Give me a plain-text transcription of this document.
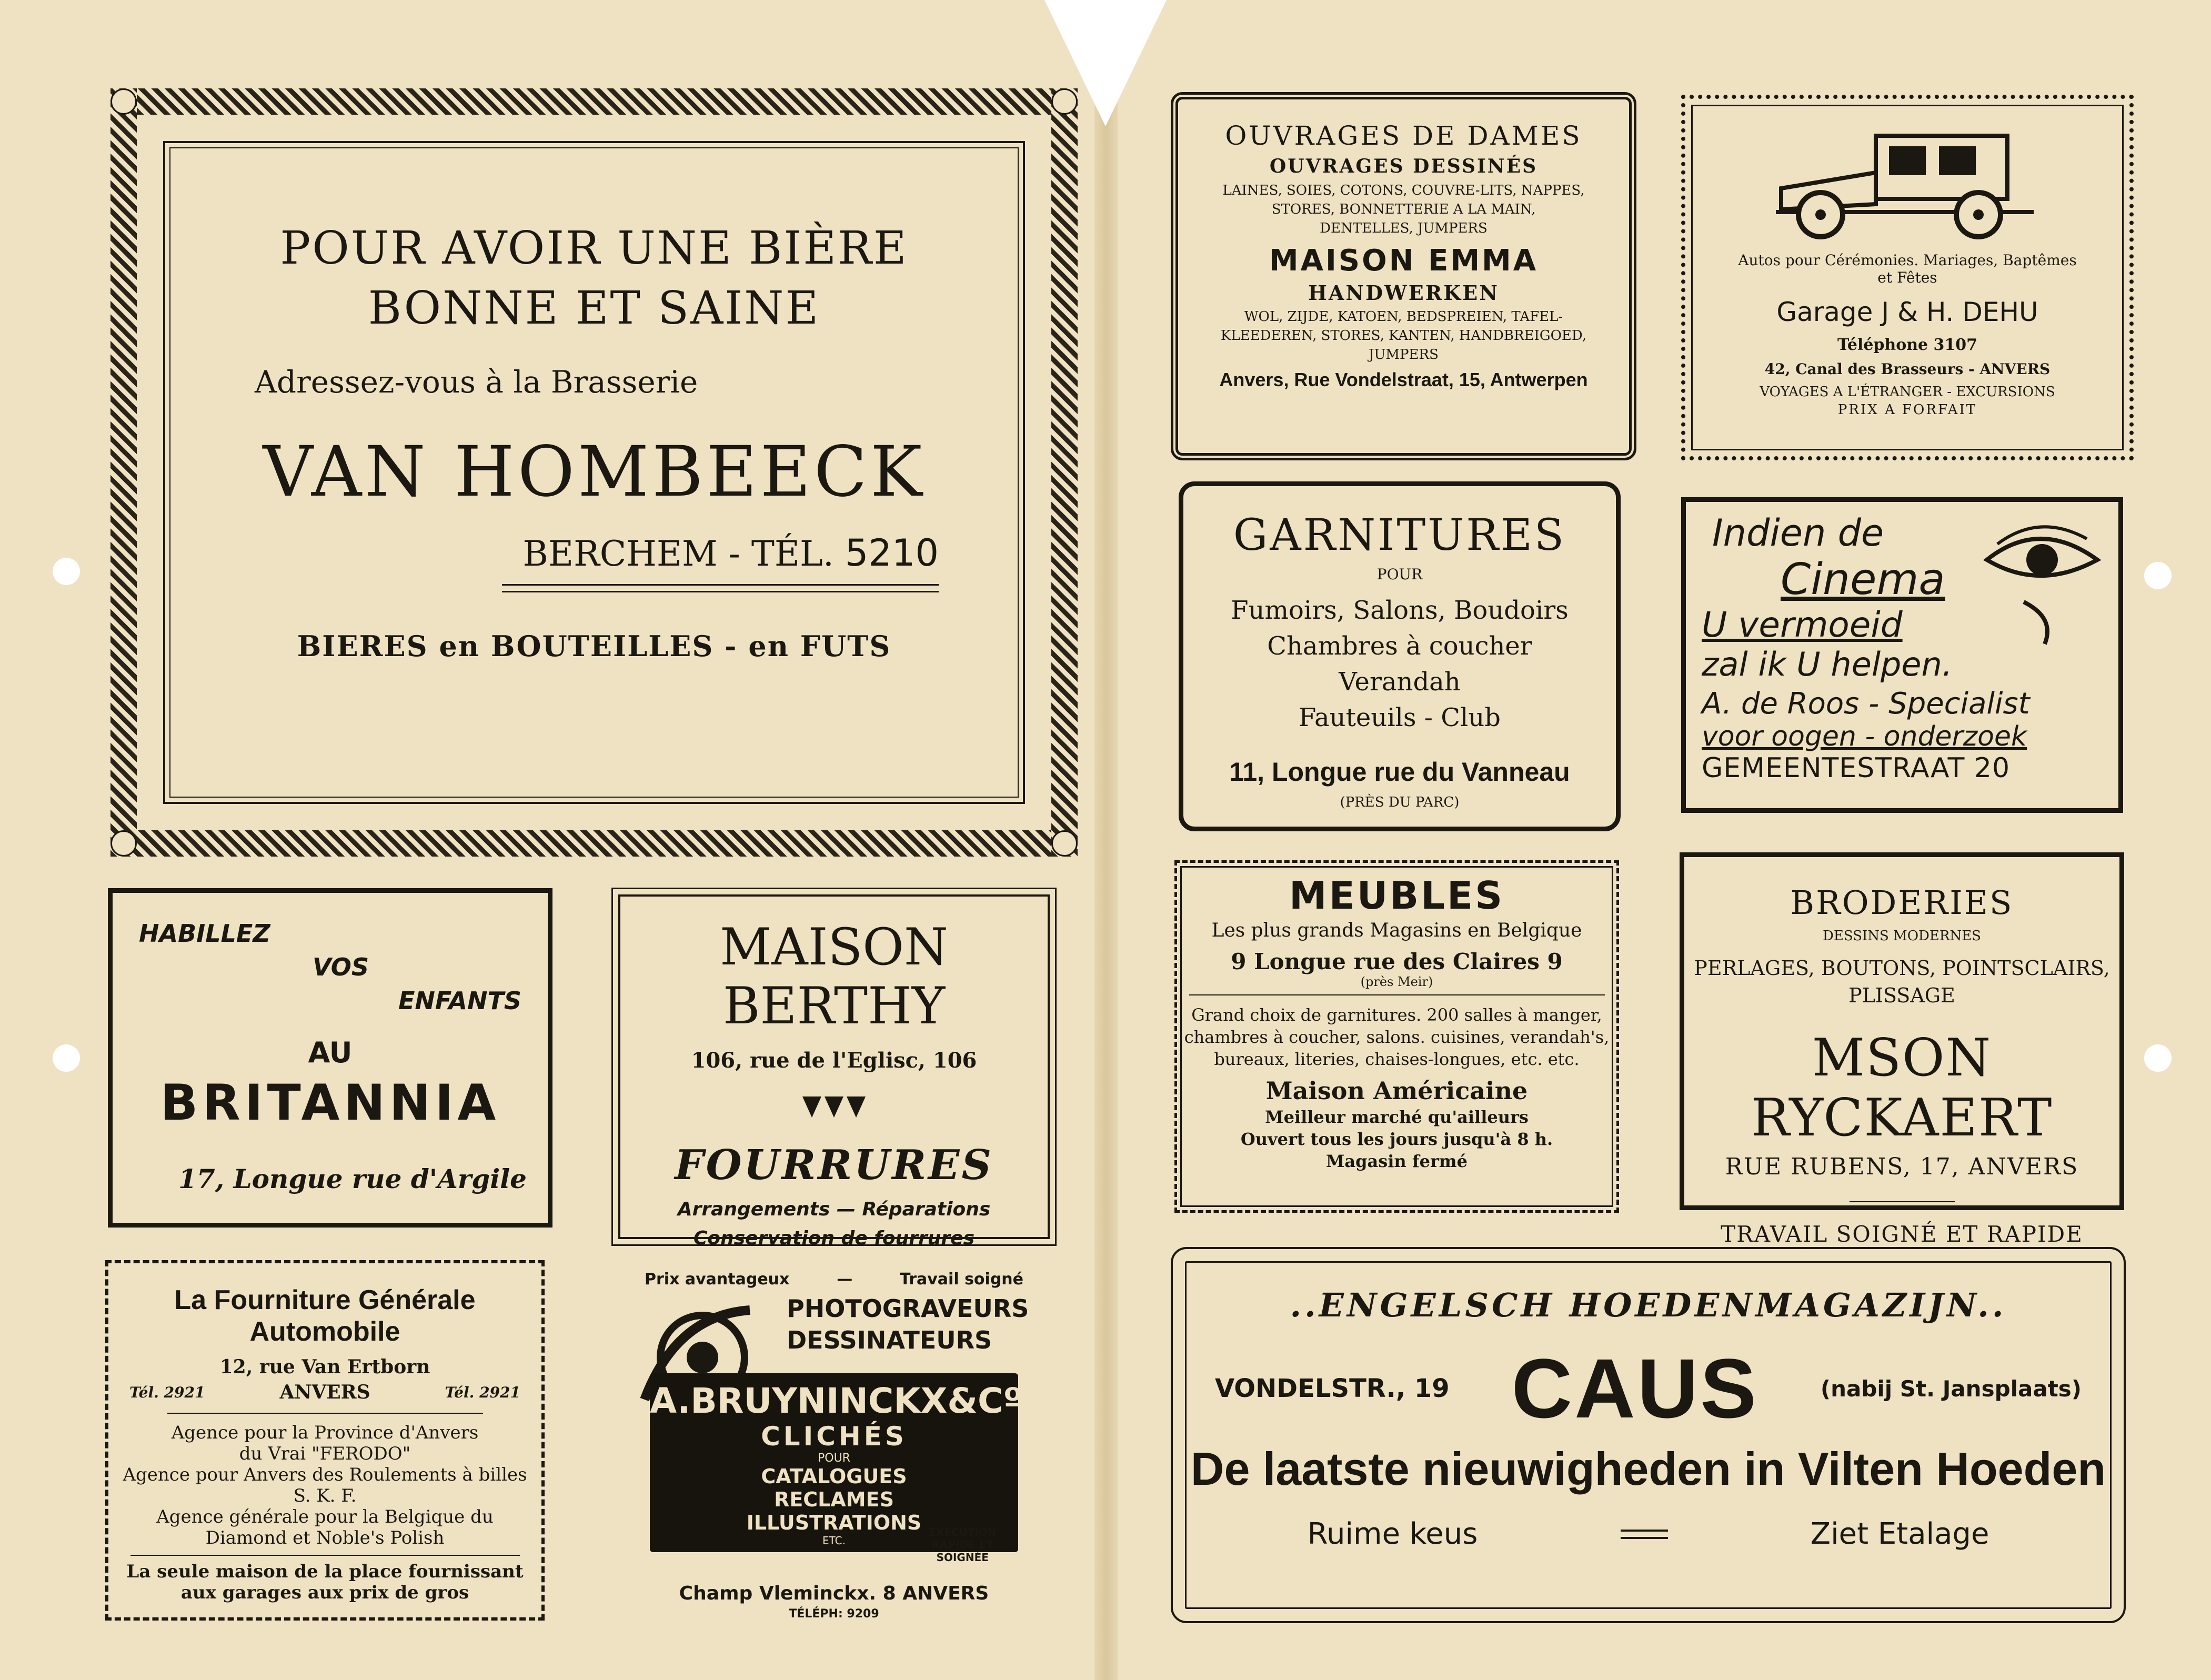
POUR AVOIR UNE BIÈRE
BONNE ET SAINE
Adressez-vous à la Brasserie
VAN HOMBEECK
BERCHEM - TÉL. 5210
BIERES en BOUTEILLES - en FUTS
HABILLEZ
VOS
ENFANTS
AU
BRITANNIA
17, Longue rue d'Argile
MAISON BERTHY
106, rue de l'Eglisc, 106
FOURRURES
Arrangements — Réparations
Conservation de fourrures
Prix avantageux	—	Travail soigné
La Fourniture Générale Automobile
12, rue Van Ertborn
Tél. 2921	ANVERS	Tél. 2921
Agence pour la Province d'Anvers
du Vrai "FERODO"
Agence pour Anvers des Roulements à billes
S. K. F.
Agence générale pour la Belgique du
Diamond et Noble's Polish
La seule maison de la place fournissant
aux garages aux prix de gros
PHOTOGRAVEURS
DESSINATEURS
A.BRUYNINCKX&Cº
CLICHÉS
POUR
CATALOGUES
RECLAMES
ILLUSTRATIONS
ETC.
EXÉCUTION
RAPIDE ET
SOIGNÉE
Champ Vleminckx. 8 ANVERS
TÉLÉPH: 9209
OUVRAGES DE DAMES
OUVRAGES DESSINÉS
LAINES, SOIES, COTONS, COUVRE-LITS, NAPPES,
STORES, BONNETTERIE A LA MAIN,
DENTELLES, JUMPERS
MAISON EMMA
HANDWERKEN
WOL, ZIJDE, KATOEN, BEDSPREIEN, TAFEL-
KLEEDEREN, STORES, KANTEN, HANDBREIGOED,
JUMPERS
Anvers, Rue Vondelstraat, 15, Antwerpen
Autos pour Cérémonies. Mariages, Baptêmes
et Fêtes
Garage J & H. DEHU
Téléphone 3107
42, Canal des Brasseurs - ANVERS
VOYAGES A L'ÉTRANGER - EXCURSIONS
PRIX A FORFAIT
GARNITURES
POUR
Fumoirs, Salons, Boudoirs
Chambres à coucher
Verandah
Fauteuils - Club
11, Longue rue du Vanneau
(PRÈS DU PARC)
Indien de
Cinema
U vermoeid
zal ik U helpen.
A. de Roos - Specialist
voor oogen - onderzoek
GEMEENTESTRAAT 20
MEUBLES
Les plus grands Magasins en Belgique
9 Longue rue des Claires 9
(près Meir)
Grand choix de garnitures. 200 salles à manger,
chambres à coucher, salons. cuisines, verandah's,
bureaux, literies, chaises-longues, etc. etc.
Maison Américaine
Meilleur marché qu'ailleurs
Ouvert tous les jours jusqu'à 8 h.
Magasin fermé
BRODERIES
DESSINS MODERNES
PERLAGES, BOUTONS, POINTSCLAIRS,
PLISSAGE
MSON RYCKAERT
RUE RUBENS, 17, ANVERS
TRAVAIL SOIGNÉ ET RAPIDE
..ENGELSCH HOEDENMAGAZIJN..
VONDELSTR., 19 CAUS	(nabij St. Jansplaats)
De laatste nieuwigheden in Vilten Hoeden
Ruime keus	Ziet Etalage
